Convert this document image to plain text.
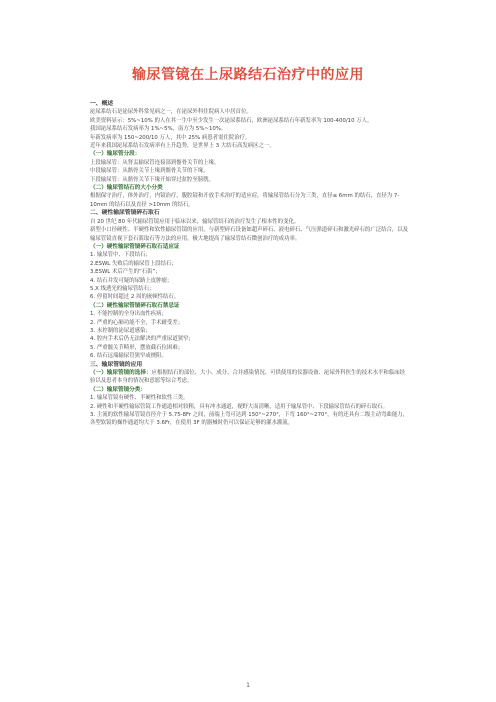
输尿管镜在上尿路结石治疗中的应用

一、概述

泌尿系结石是泌尿外科常见病之一，在泌尿外科住院病人中居首位。

欧美资料显示：5%~10% 的人在其一生中至少发生一次泌尿系结石，欧洲泌尿系结石年新发率为 100-400/10 万人。

我国泌尿系结石发病率为 1%~5%，南方为 5%~10%。

年新发病率为 150~200/10 万人，其中 25% 病患者需住院治疗。

近年来我国泌尿系结石发病率有上升趋势，是世界上 3 大结石高发病区之一。

（一）输尿管分段：

上段输尿管：从肾盂输尿管连接部到髂骨关节的上缘。

中段输尿管：从髂骨关节上缘到髂骨关节的下缘。

下段输尿管：从髂骨关节下缘开始穿过盆腔至膀胱。

（二）输尿管结石的大小分类

根据保守治疗，体外治疗，内镜治疗，腹腔镜和开放手术治疗的适应症，将输尿管结石分为三类，直径≤ 6mm 的结石，直径为 7-10mm 的结石以及直径 >10mm 的结石。

二、硬性输尿管镜碎石取石

自 20 世纪 80 年代输尿管镜应用于临床以来，输尿管结石的治疗发生了根本性的变化。

新型小口径硬性、半硬性和软性输尿管镜的应用，与新型碎石设备如超声碎石、液电碎石、气压弹道碎石和激光碎石的广泛结合，以及输尿管镜直视下套石篮取石等方法的应用，极大地提高了输尿管结石微创治疗的成功率。

（一）硬性输尿管镜碎石取石适应证

1. 输尿管中、下段结石；

2.ESWL 失败后的输尿管上段结石；

3.ESWL 术后产生的“石街”；

4. 结石并发可疑的尿路上皮肿瘤；

5.X 线透光的输尿管结石；

6. 停留时间超过 2 周的嵌顿性结石。

（二）硬性输尿管镜碎石取石禁忌证

1. 不能控制的全身出血性疾病；

2. 严重的心肺功能不全，手术耐受差；

3. 未控制的泌尿道感染；

4. 腔内手术后仍无法解决的严重尿道狭窄；

5. 严重髋关节畸形，摆放截石位困难；

6. 结石远端输尿管狭窄或梗阻。

三、输尿管镜的应用

（一）输尿管镜的选择：应根据结石的部位、大小、成分、合并感染情况、可供使用的仪器设备、泌尿外科医生的技术水平和临床经验以及患者本身的情况和意愿等综合考虑。

（二）输尿管镜分类：

1. 输尿管镜有硬性、半硬性和软性三类。

2. 硬性和半硬性输尿管镜工作通道相对较粗，具有冲水通道，视野大而清晰，适用于输尿管中、下段输尿管结石的碎石取石。

3. 主流的软性输尿管镜直径介于 5.75-8Fr 之间，前端上弯可达到 150°~270°，下弯 160°~270°，有的还具有二级主动弯曲能力，各型软镜的操作通道均大于 3.6Fr，在使用 3F 的器械时仍可以保证足够的灌水灌流。

1
